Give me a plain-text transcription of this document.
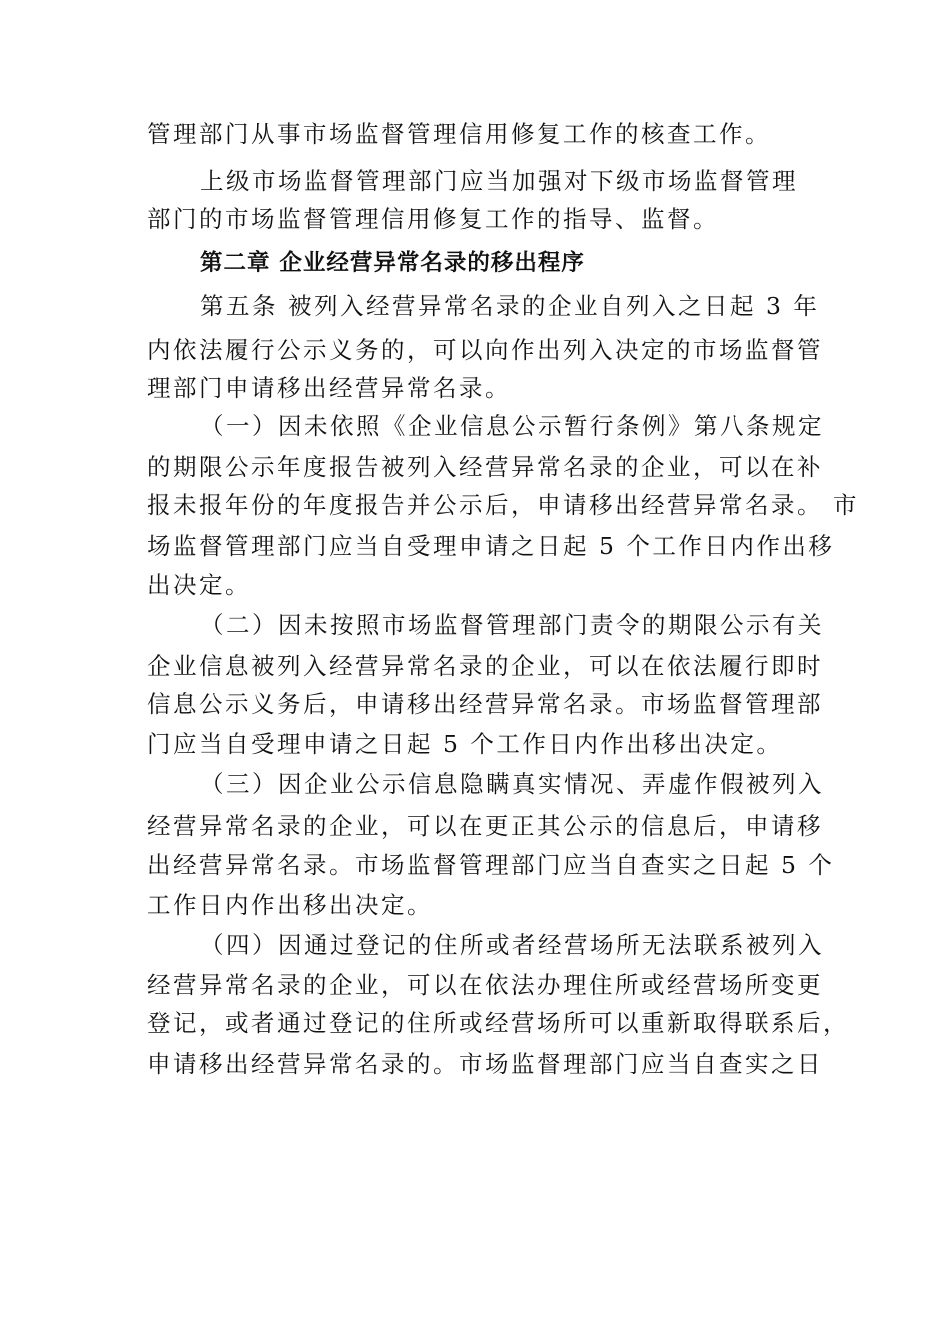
管理部门从事市场监督管理信用修复工作的核查工作。
上级市场监督管理部门应当加强对下级市场监督管理
部门的市场监督管理信用修复工作的指导、监督。
第二章 企业经营异常名录的移出程序
第五条 被列入经营异常名录的企业自列入之日起 3 年
内依法履行公示义务的，可以向作出列入决定的市场监督管
理部门申请移出经营异常名录。
（一）因未依照《企业信息公示暂行条例》第八条规定
的期限公示年度报告被列入经营异常名录的企业，可以在补
报未报年份的年度报告并公示后，申请移出经营异常名录。 市
场监督管理部门应当自受理申请之日起 5 个工作日内作出移
出决定。
（二）因未按照市场监督管理部门责令的期限公示有关
企业信息被列入经营异常名录的企业，可以在依法履行即时
信息公示义务后，申请移出经营异常名录。市场监督管理部
门应当自受理申请之日起 5 个工作日内作出移出决定。
（三）因企业公示信息隐瞒真实情况、弄虚作假被列入
经营异常名录的企业，可以在更正其公示的信息后，申请移
出经营异常名录。市场监督管理部门应当自查实之日起 5 个
工作日内作出移出决定。
（四）因通过登记的住所或者经营场所无法联系被列入
经营异常名录的企业，可以在依法办理住所或经营场所变更
登记，或者通过登记的住所或经营场所可以重新取得联系后，
申请移出经营异常名录的。市场监督理部门应当自查实之日
